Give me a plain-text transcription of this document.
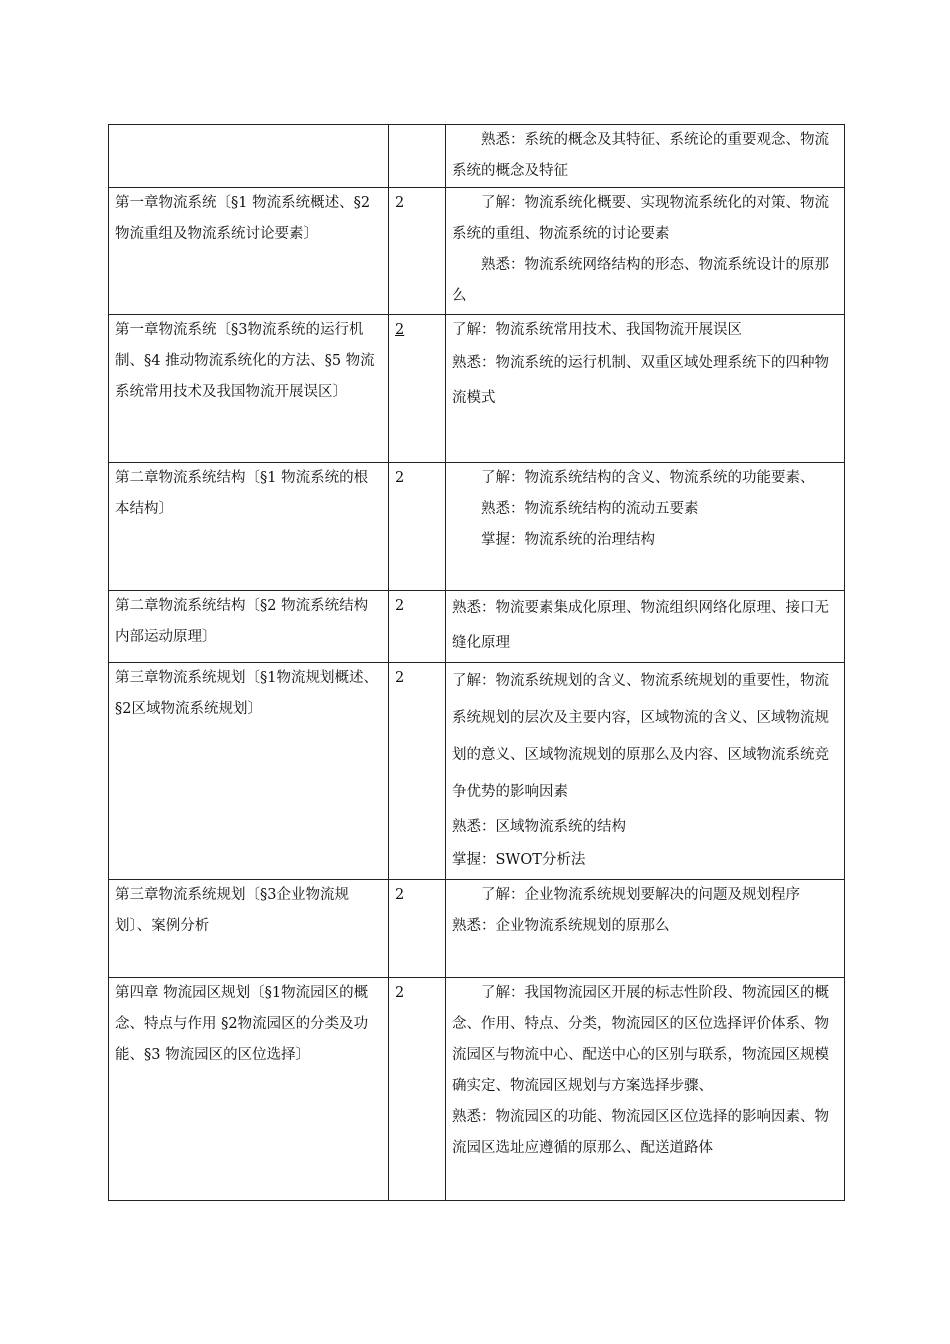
		熟悉：系统的概念及其特征、系统论的重要观念、物流系统的概念及特征

第一章物流系统〔§1 物流系统概述、§2物流重组及物流系统讨论要素〕	2	了解：物流系统化概要、实现物流系统化的对策、物流系统的重组、物流系统的讨论要素

熟悉：物流系统网络结构的形态、物流系统设计的原那么

第一章物流系统〔§3物流系统的运行机制、§4 推动物流系统化的方法、§5 物流系统常用技术及我国物流开展误区〕	2	了解：物流系统常用技术、我国物流开展误区

熟悉：物流系统的运行机制、双重区域处理系统下的四种物流模式

第二章物流系统结构〔§1 物流系统的根本结构〕	2	了解：物流系统结构的含义、物流系统的功能要素、

熟悉：物流系统结构的流动五要素

掌握：物流系统的治理结构

第二章物流系统结构〔§2 物流系统结构内部运动原理〕	2	熟悉：物流要素集成化原理、物流组织网络化原理、接口无缝化原理

第三章物流系统规划〔§1物流规划概述、§2区域物流系统规划〕	2	了解：物流系统规划的含义、物流系统规划的重要性，物流系统规划的层次及主要内容，区域物流的含义、区域物流规划的意义、区域物流规划的原那么及内容、区域物流系统竞争优势的影响因素

熟悉：区域物流系统的结构

掌握：SWOT分析法

第三章物流系统规划〔§3企业物流规划〕、案例分析	2	了解：企业物流系统规划要解决的问题及规划程序

熟悉：企业物流系统规划的原那么

第四章 物流园区规划〔§1物流园区的概念、特点与作用 §2物流园区的分类及功能、§3 物流园区的区位选择〕	2	了解：我国物流园区开展的标志性阶段、物流园区的概念、作用、特点、分类，物流园区的区位选择评价体系、物流园区与物流中心、配送中心的区别与联系，物流园区规模确实定、物流园区规划与方案选择步骤、

熟悉：物流园区的功能、物流园区区位选择的影响因素、物流园区选址应遵循的原那么、配送道路体
